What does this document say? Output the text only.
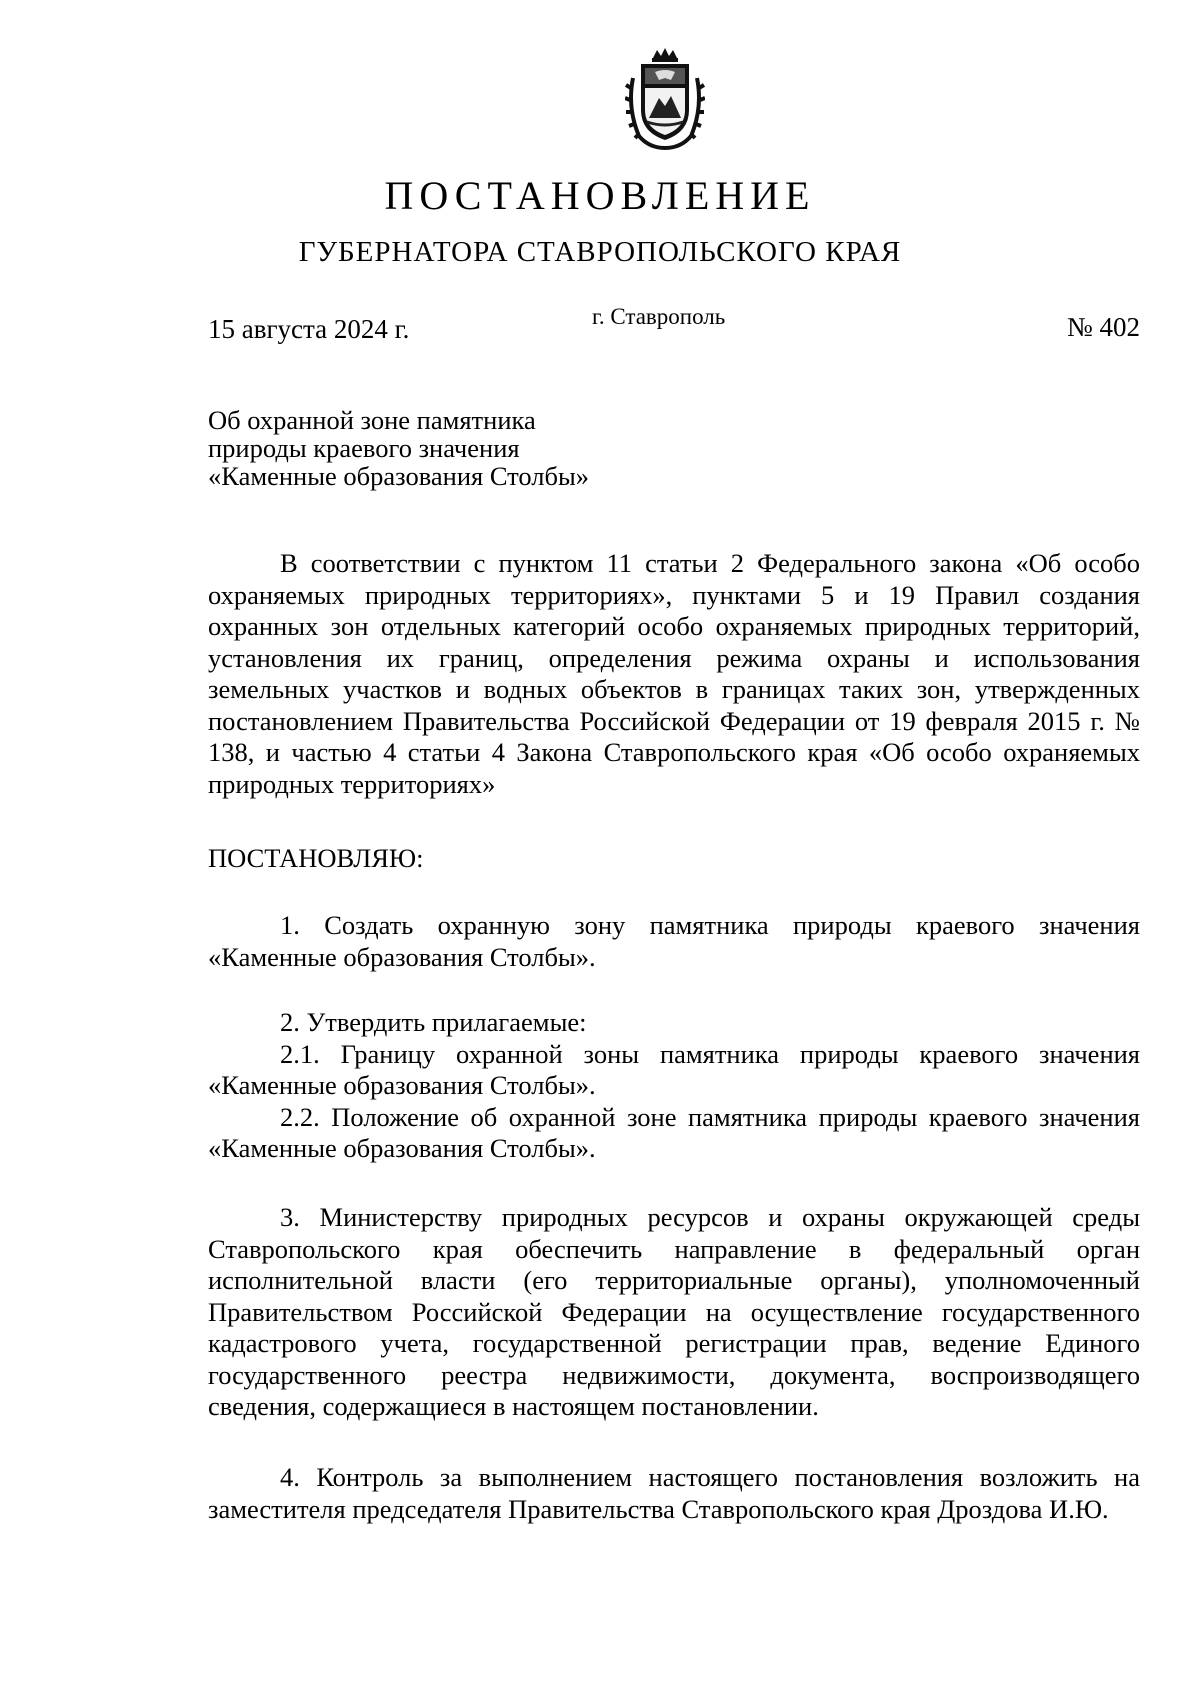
ПОСТАНОВЛЕНИЕ
ГУБЕРНАТОРА СТАВРОПОЛЬСКОГО КРАЯ
15 августа 2024 г.	г. Ставрополь	№ 402
Об охранной зоне памятника
природы краевого значения
«Каменные образования Столбы»

В соответствии с пунктом 11 статьи 2 Федерального закона «Об особо охраняемых природных территориях», пунктами 5 и 19 Правил создания охранных зон отдельных категорий особо охраняемых природных территорий, установления их границ, определения режима охраны и использования земельных участков и водных объектов в границах таких зон, утвержденных постановлением Правительства Российской Федерации от 19 февраля 2015 г. № 138, и частью 4 статьи 4 Закона Ставропольского края «Об особо охраняемых природных территориях»

ПОСТАНОВЛЯЮ:

1. Создать охранную зону памятника природы краевого значения «Каменные образования Столбы».

2. Утвердить прилагаемые:

2.1. Границу охранной зоны памятника природы краевого значения «Каменные образования Столбы».

2.2. Положение об охранной зоне памятника природы краевого значения «Каменные образования Столбы».

3. Министерству природных ресурсов и охраны окружающей среды Ставропольского края обеспечить направление в федеральный орган исполнительной власти (его территориальные органы), уполномоченный Правительством Российской Федерации на осуществление государственного кадастрового учета, государственной регистрации прав, ведение Единого государственного реестра недвижимости, документа, воспроизводящего сведения, содержащиеся в настоящем постановлении.

4. Контроль за выполнением настоящего постановления возложить на заместителя председателя Правительства Ставропольского края Дроздова И.Ю.
